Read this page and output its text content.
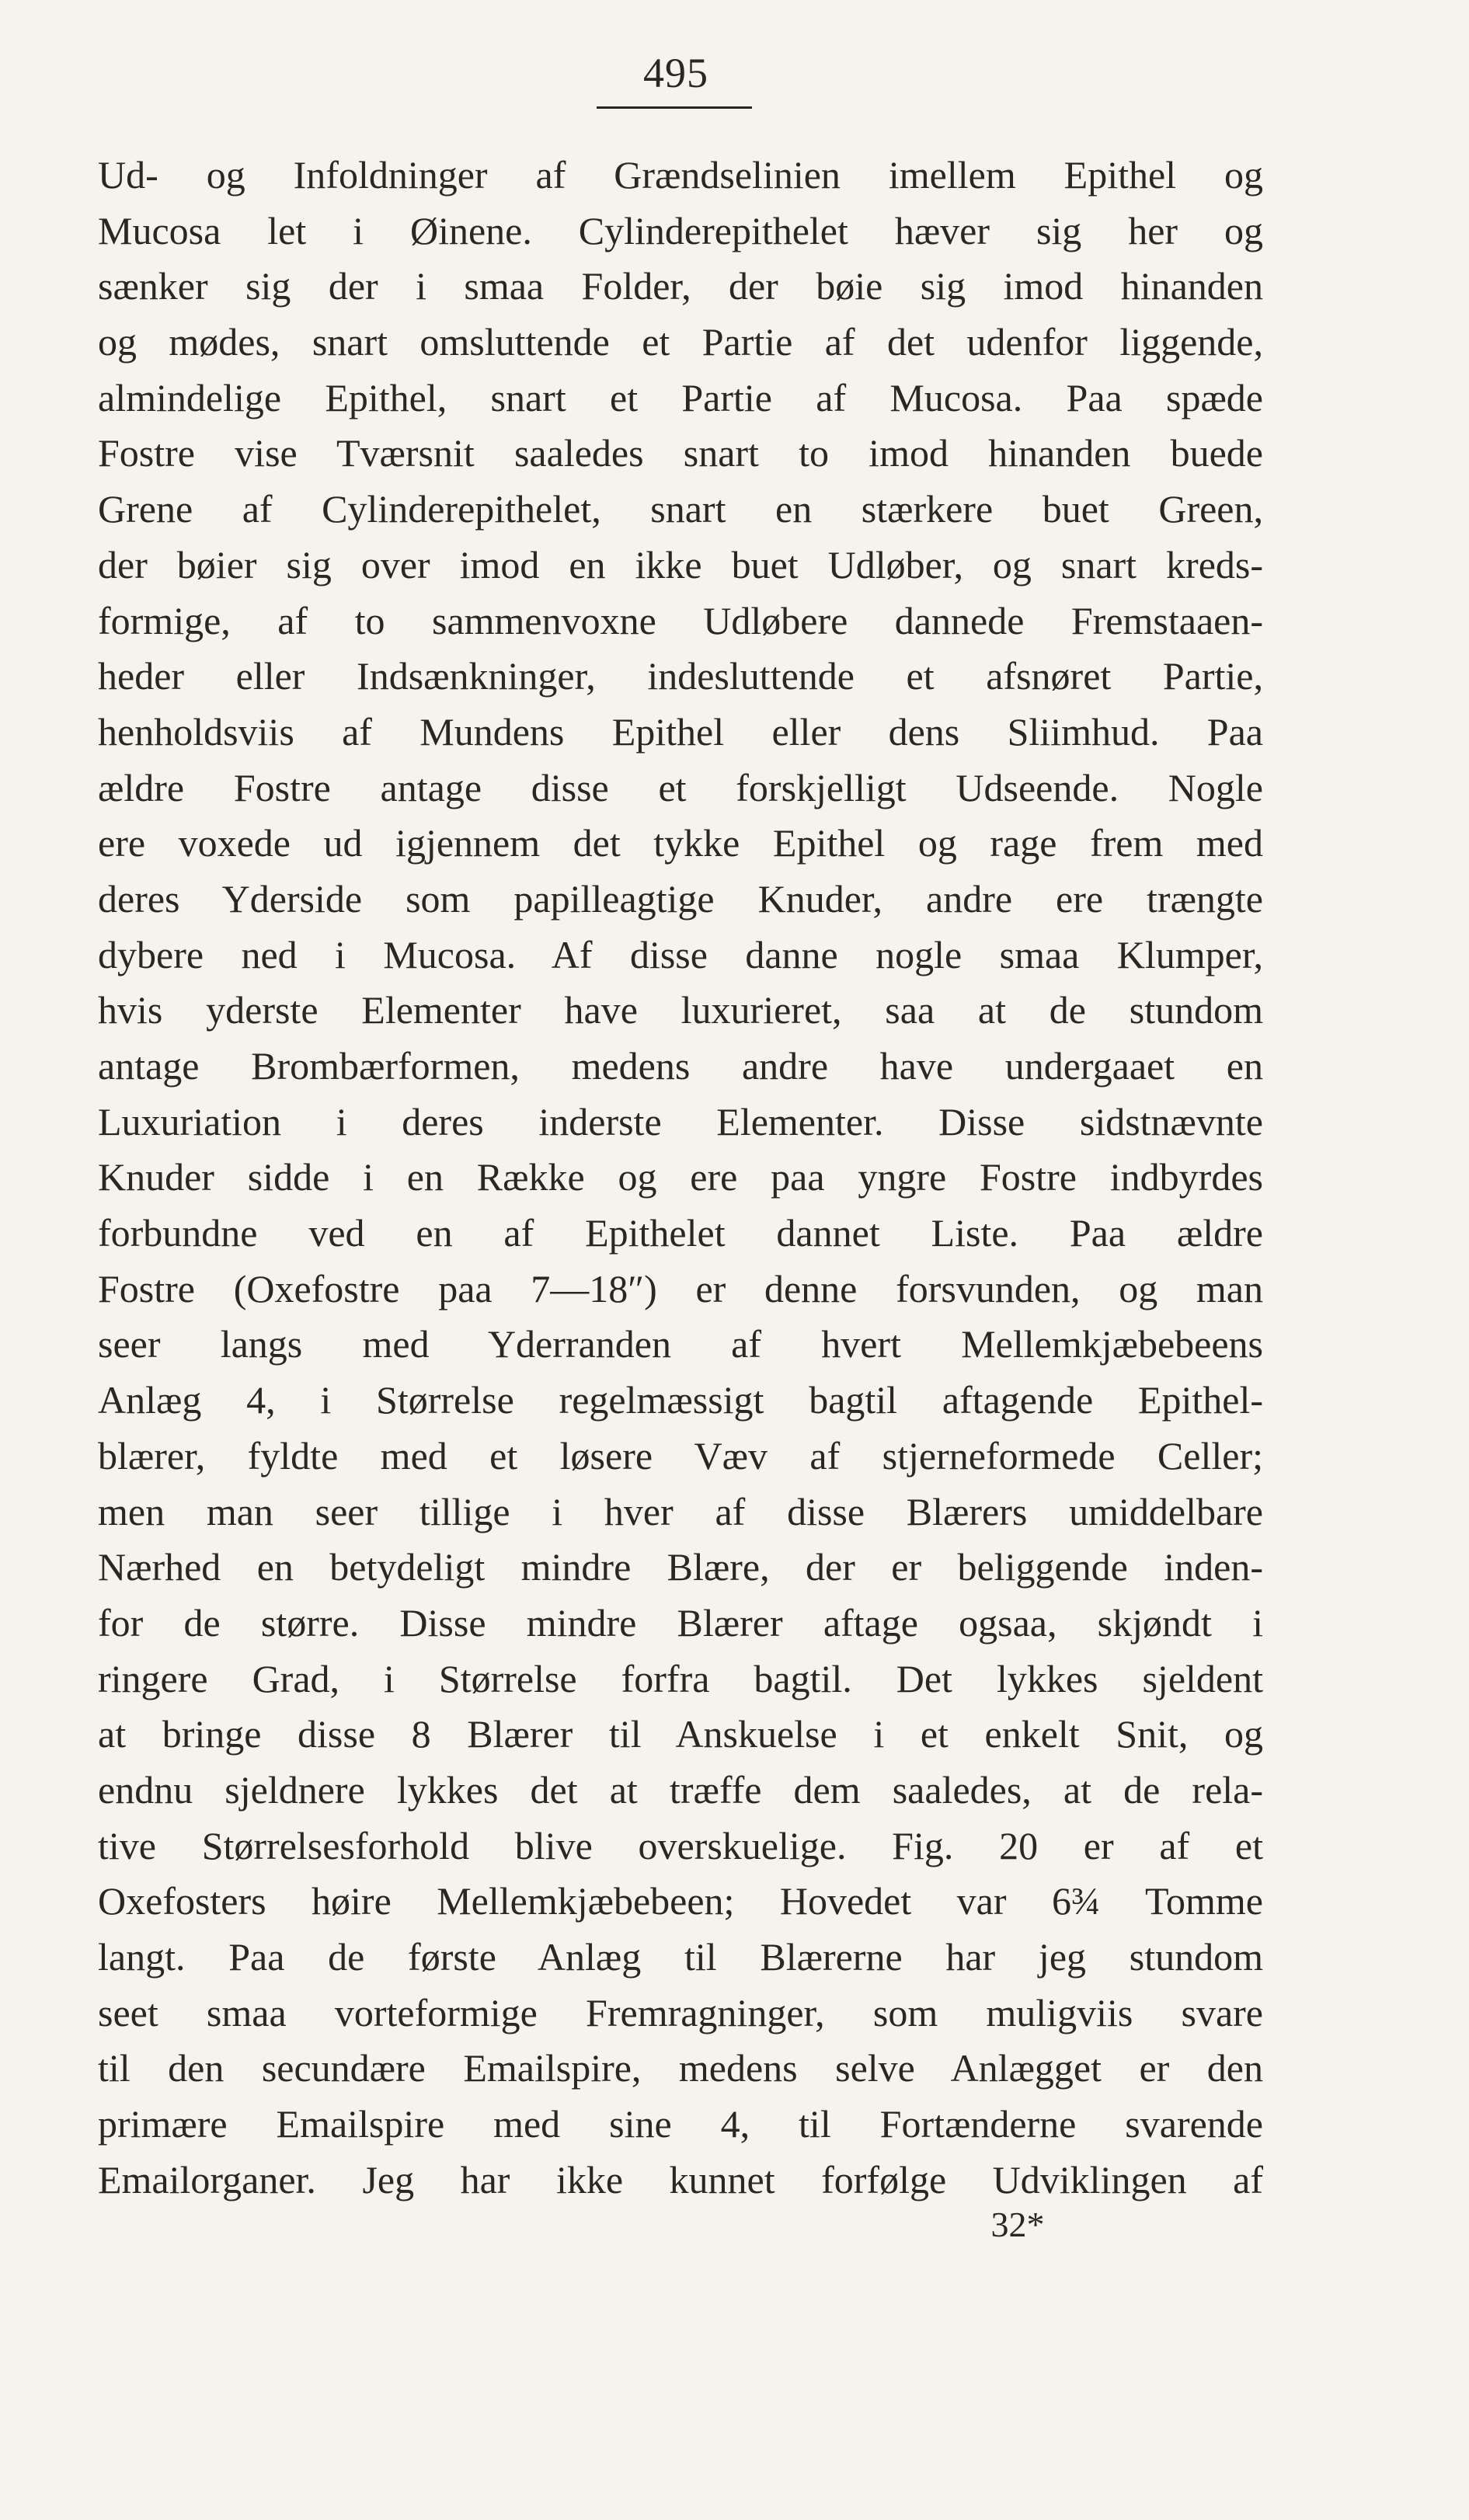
495
Ud- og Infoldninger af Grændselinien imellem Epithel og
Mucosa let i Øinene. Cylinderepithelet hæver sig her og
sænker sig der i smaa Folder, der bøie sig imod hinanden
og mødes, snart omsluttende et Partie af det udenfor liggende,
almindelige Epithel, snart et Partie af Mucosa. Paa spæde
Fostre vise Tværsnit saaledes snart to imod hinanden buede
Grene af Cylinderepithelet, snart en stærkere buet Green,
der bøier sig over imod en ikke buet Udløber, og snart kreds-
formige, af to sammenvoxne Udløbere dannede Fremstaaen-
heder eller Indsænkninger, indesluttende et afsnøret Partie,
henholdsviis af Mundens Epithel eller dens Sliimhud. Paa
ældre Fostre antage disse et forskjelligt Udseende. Nogle
ere voxede ud igjennem det tykke Epithel og rage frem med
deres Yderside som papilleagtige Knuder, andre ere trængte
dybere ned i Mucosa. Af disse danne nogle smaa Klumper,
hvis yderste Elementer have luxurieret, saa at de stundom
antage Brombærformen, medens andre have undergaaet en
Luxuriation i deres inderste Elementer. Disse sidstnævnte
Knuder sidde i en Række og ere paa yngre Fostre indbyrdes
forbundne ved en af Epithelet dannet Liste. Paa ældre
Fostre (Oxefostre paa 7—18″) er denne forsvunden, og man
seer langs med Yderranden af hvert Mellemkjæbebeens
Anlæg 4, i Størrelse regelmæssigt bagtil aftagende Epithel-
blærer, fyldte med et løsere Væv af stjerneformede Celler;
men man seer tillige i hver af disse Blærers umiddelbare
Nærhed en betydeligt mindre Blære, der er beliggende inden-
for de større. Disse mindre Blærer aftage ogsaa, skjøndt i
ringere Grad, i Størrelse forfra bagtil. Det lykkes sjeldent
at bringe disse 8 Blærer til Anskuelse i et enkelt Snit, og
endnu sjeldnere lykkes det at træffe dem saaledes, at de rela-
tive Størrelsesforhold blive overskuelige. Fig. 20 er af et
Oxefosters høire Mellemkjæbebeen; Hovedet var 6¾ Tomme
langt. Paa de første Anlæg til Blærerne har jeg stundom
seet smaa vorteformige Fremragninger, som muligviis svare
til den secundære Emailspire, medens selve Anlægget er den
primære Emailspire med sine 4, til Fortænderne svarende
Emailorganer. Jeg har ikke kunnet forfølge Udviklingen af
32*
